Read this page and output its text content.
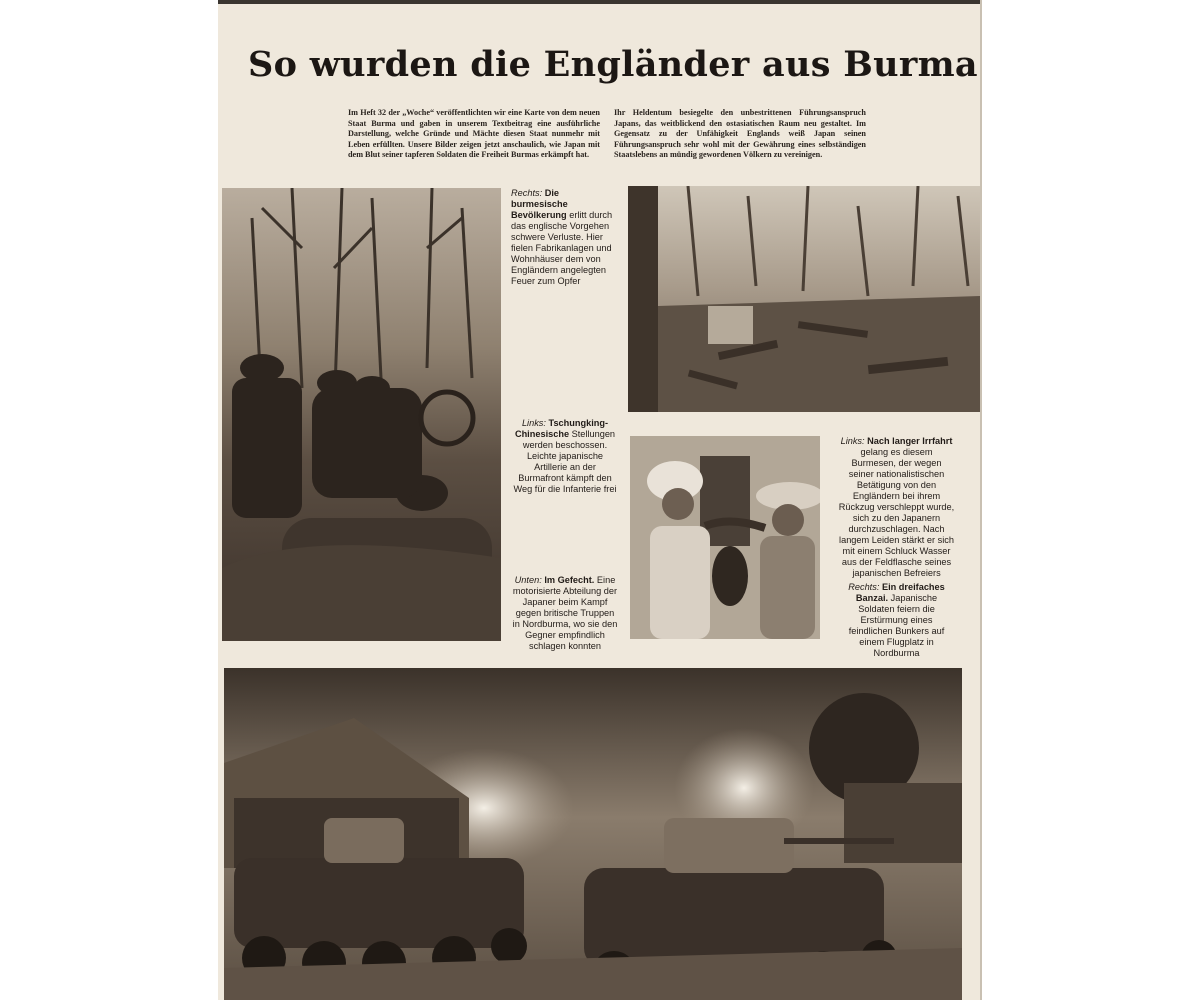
So wurden die Engländer aus Burma
Im Heft 32 der „Woche“ veröffentlichten wir eine Karte von dem neuen Staat Burma und gaben in unserem Textbeitrag eine ausführliche Darstellung, welche Gründe und Mächte diesen Staat nunmehr mit Leben erfüllten. Unsere Bilder zeigen jetzt anschaulich, wie Japan mit dem Blut seiner tapferen Soldaten die Freiheit Burmas erkämpft hat.
Ihr Heldentum besiegelte den unbestrittenen Führungsanspruch Japans, das weitblickend den ostasiatischen Raum neu gestaltet. Im Gegensatz zu der Unfähigkeit Englands weiß Japan seinen Führungsanspruch sehr wohl mit der Gewährung eines selbständigen Staatslebens an mündig gewordenen Völkern zu vereinigen.
Rechts: Die burmesische Bevölkerung erlitt durch das englische Vorgehen schwere Verluste. Hier fielen Fabrikanlagen und Wohnhäuser dem von Engländern angelegten Feuer zum Opfer
Links: Tschungking-Chinesische Stellungen werden beschossen. Leichte japanische Artillerie an der Burmafront kämpft den Weg für die Infanterie frei
Unten: Im Gefecht. Eine motorisierte Abteilung der Japaner beim Kampf gegen britische Truppen in Nordburma, wo sie den Gegner empfindlich schlagen konnten
Links: Nach langer Irrfahrt gelang es diesem Burmesen, der wegen seiner nationalistischen Betätigung von den Engländern bei ihrem Rückzug verschleppt wurde, sich zu den Japanern durchzuschlagen. Nach langem Leiden stärkt er sich mit einem Schluck Wasser aus der Feldflasche seines japanischen Befreiers
Rechts: Ein dreifaches Banzai. Japanische Soldaten feiern die Erstürmung eines feindlichen Bunkers auf einem Flugplatz in Nordburma
